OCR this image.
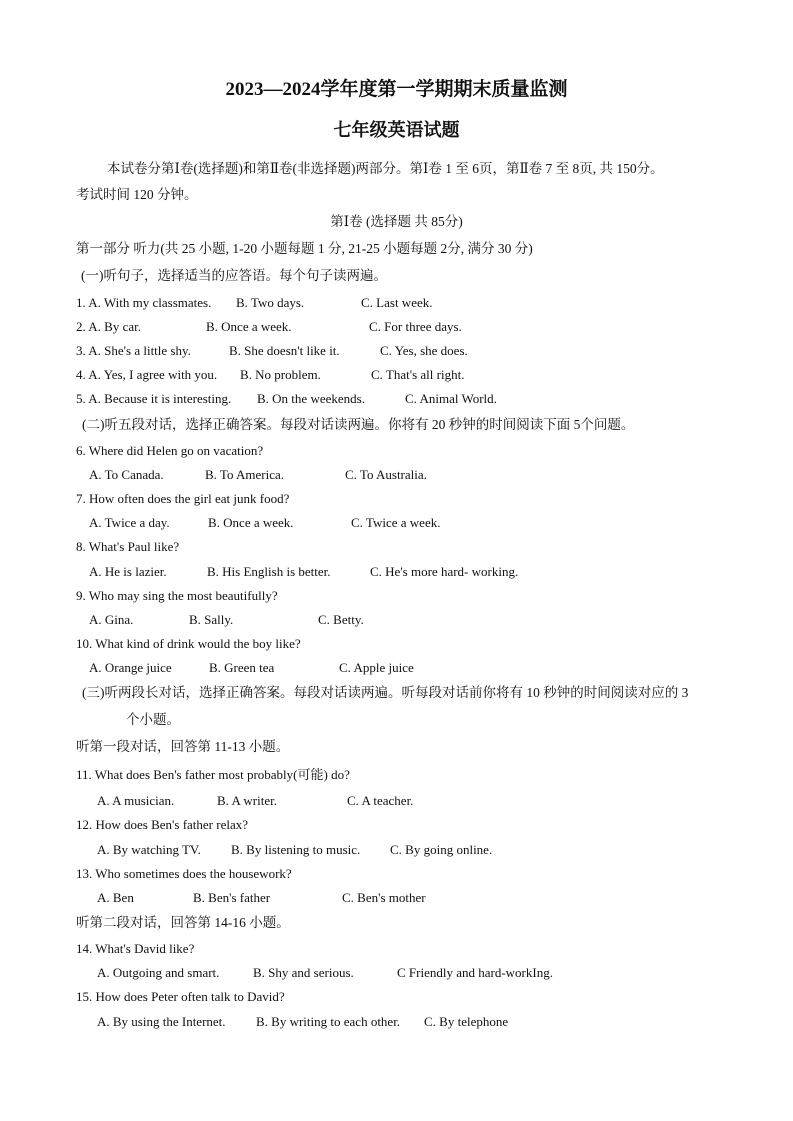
2023—2024学年度第一学期期末质量监测
七年级英语试题
本试卷分第Ⅰ卷(选择题)和第Ⅱ卷(非选择题)两部分。第Ⅰ卷 1 至 6页，第Ⅱ卷 7 至 8页, 共 150分。
考试时间 120 分钟。
第Ⅰ卷 (选择题 共 85分)
第一部分 听力(共 25 小题, 1-20 小题每题 1 分, 21-25 小题每题 2分, 满分 30 分)
(一)听句子，选择适当的应答语。每个句子读两遍。
1. A. With my classmates. B. Two days.	C. Last week.
2. A. By car.	B. Once a week.	C. For three days.
3. A. She's a little shy.	B. She doesn't like it.	C. Yes, she does.
4. A. Yes, I agree with you. B. No problem.	C. That's all right.
5. A. Because it is interesting. B. On the weekends.	C. Animal World.
(二)听五段对话，选择正确答案。每段对话读两遍。你将有 20 秒钟的时间阅读下面 5个问题。
6. Where did Helen go on vacation?
A. To Canada.	B. To America.	C. To Australia.
7. How often does the girl eat junk food?
A. Twice a day.	B. Once a week.	C. Twice a week.
8. What's Paul like?
A. He is lazier.	B. His English is better.	C. He's more hard- working.
9. Who may sing the most beautifully?
A. Gina.	B. Sally.	C. Betty.
10. What kind of drink would the boy like?
A. Orange juice	B. Green tea	C. Apple juice
(三)听两段长对话，选择正确答案。每段对话读两遍。听每段对话前你将有 10 秒钟的时间阅读对应的 3
个小题。
听第一段对话，回答第 11-13 小题。
11. What does Ben's father most probably(可能) do?
A. A musician.	B. A writer.	C. A teacher.
12. How does Ben's father relax?
A. By watching TV. B. By listening to music. C. By going online.
13. Who sometimes does the housework?
A. Ben	B. Ben's father	C. Ben's mother
听第二段对话，回答第 14-16 小题。
14. What's David like?
A. Outgoing and smart.	B. Shy and serious.	C Friendly and hard-workIng.
15. How does Peter often talk to David?
A. By using the Internet. B. By writing to each other. C. By telephone
